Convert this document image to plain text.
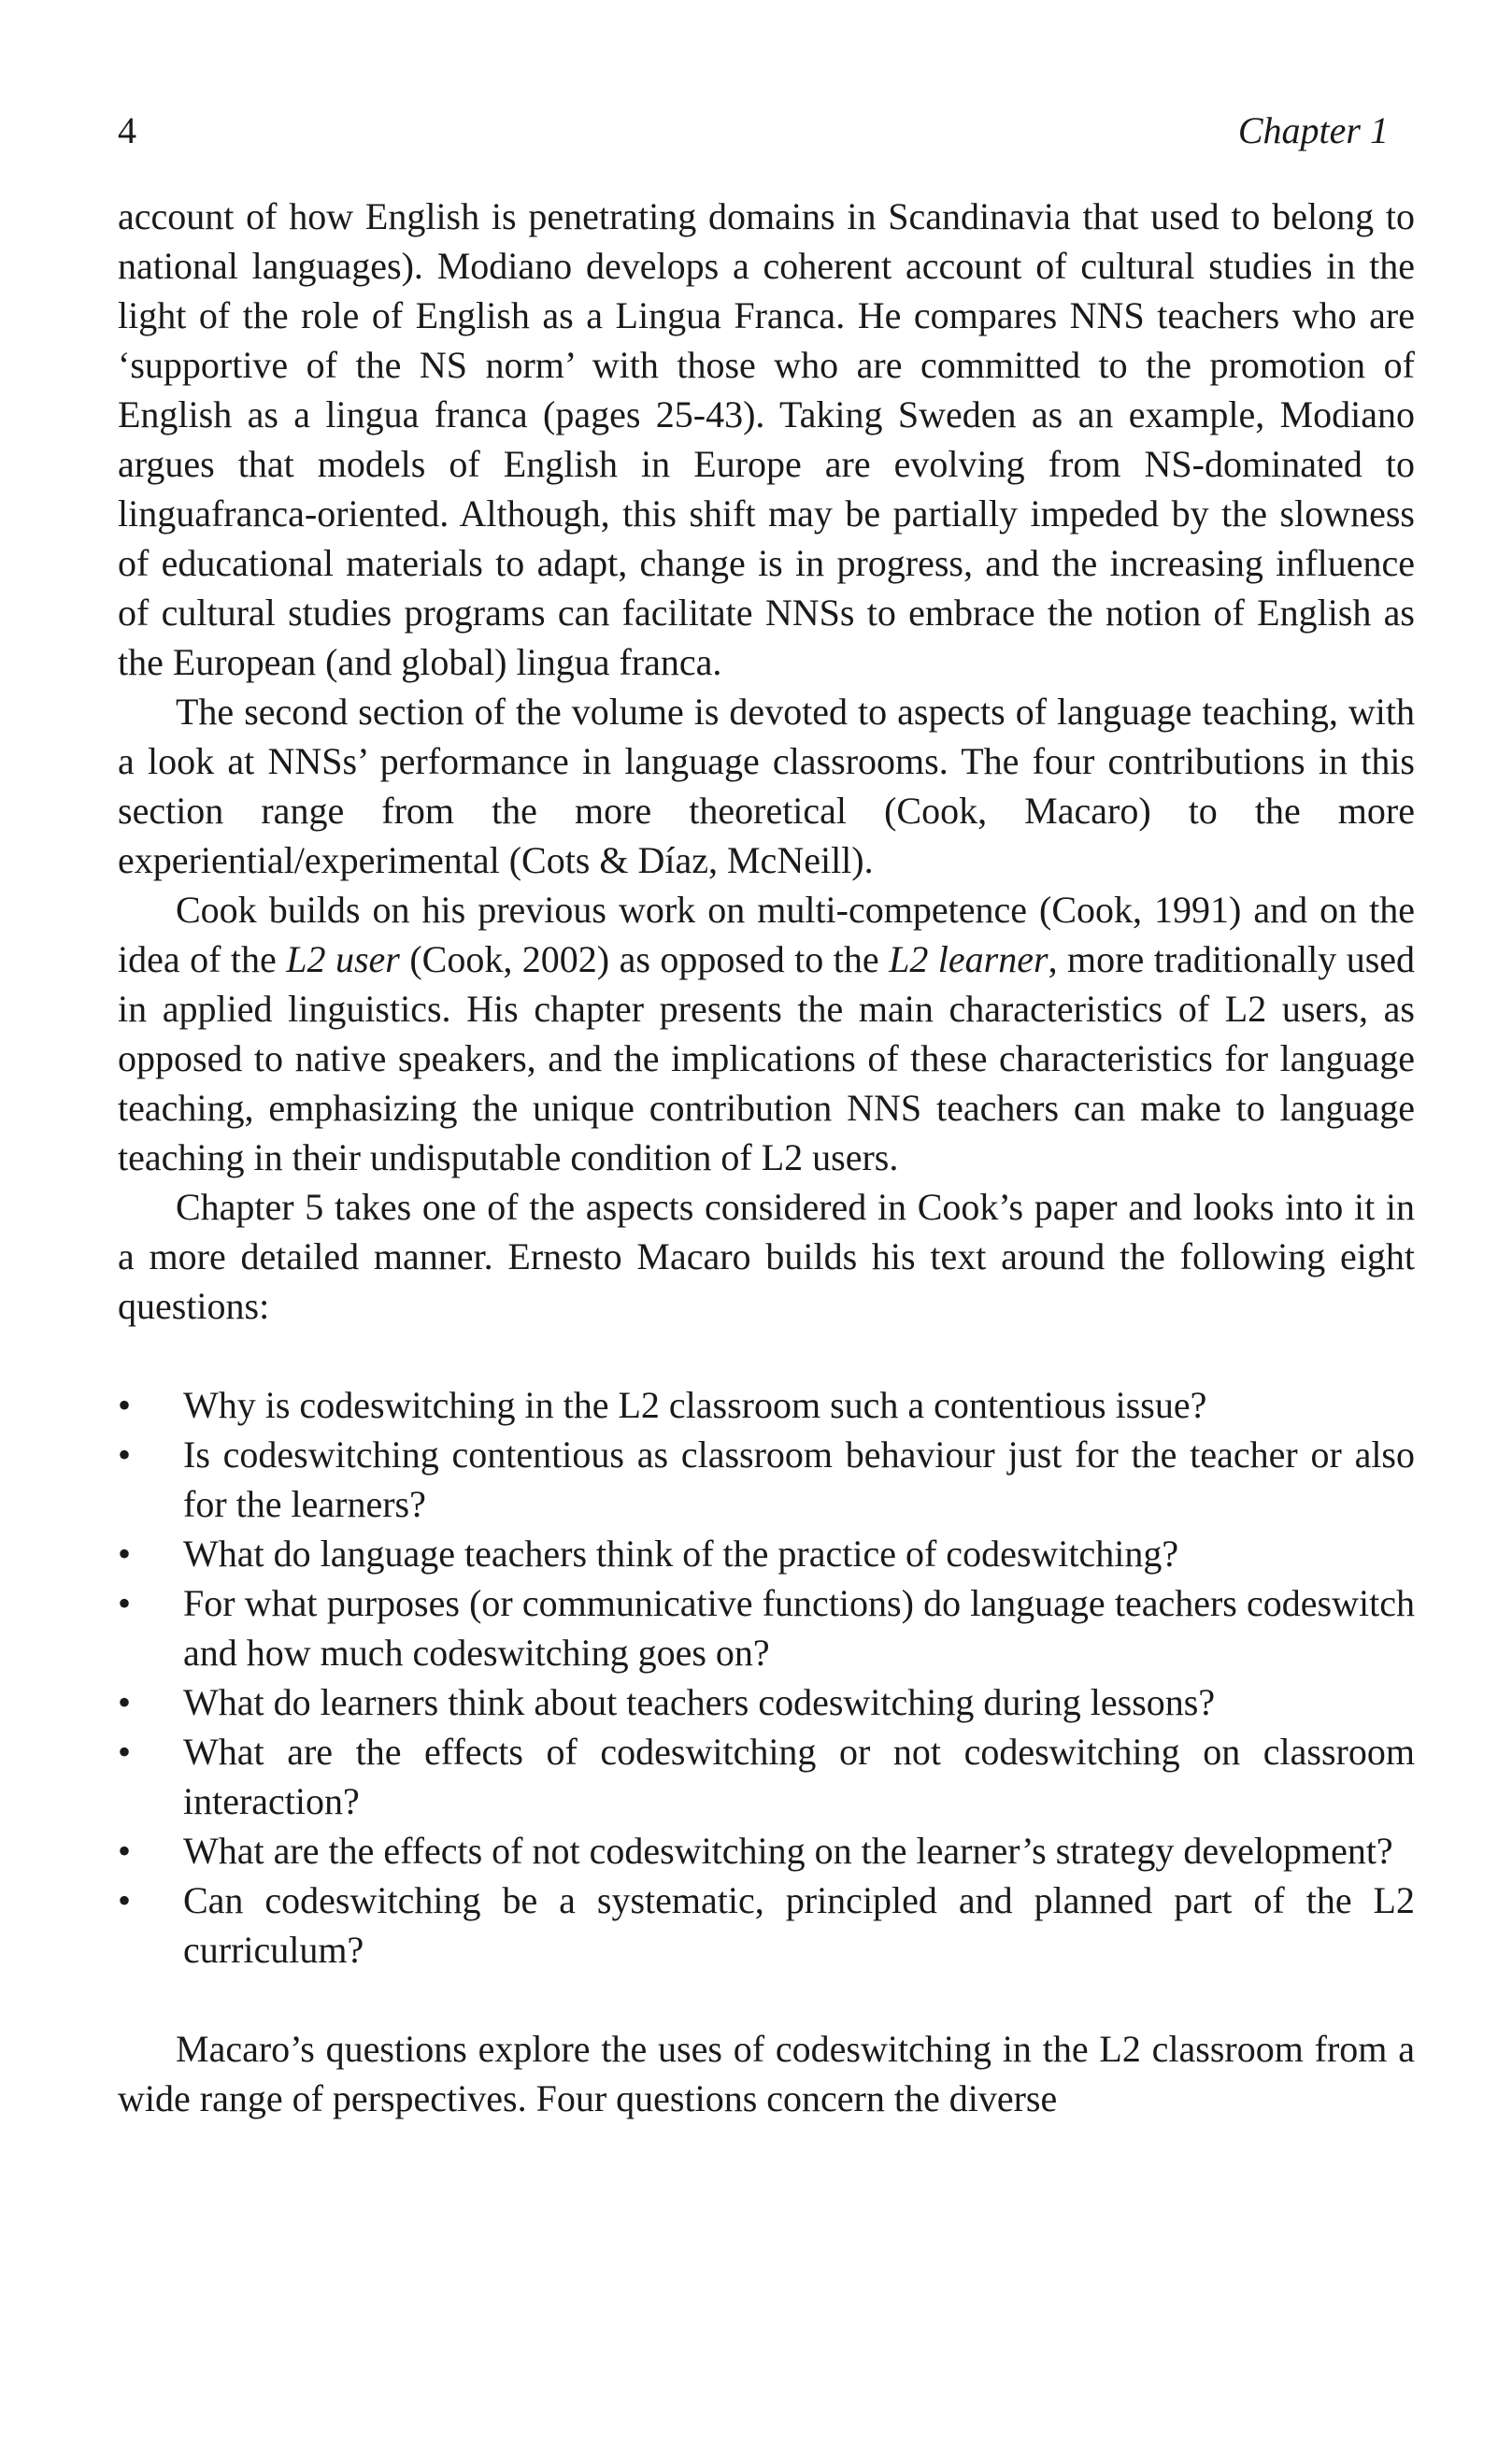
4	Chapter 1

account of how English is penetrating domains in Scandinavia that used to belong to national languages). Modiano develops a coherent account of cultural studies in the light of the role of English as a Lingua Franca. He compares NNS teachers who are ‘supportive of the NS norm’ with those who are committed to the promotion of English as a lingua franca (pages 25-43). Taking Sweden as an example, Modiano argues that models of English in Europe are evolving from NS-dominated to linguafranca-oriented. Although, this shift may be partially impeded by the slowness of educational materials to adapt, change is in progress, and the increasing influence of cultural studies programs can facilitate NNSs to embrace the notion of English as the European (and global) lingua franca.

The second section of the volume is devoted to aspects of language teaching, with a look at NNSs’ performance in language classrooms. The four contributions in this section range from the more theoretical (Cook, Macaro) to the more experiential/experimental (Cots & Díaz, McNeill).

Cook builds on his previous work on multi-competence (Cook, 1991) and on the idea of the L2 user (Cook, 2002) as opposed to the L2 learner, more traditionally used in applied linguistics. His chapter presents the main characteristics of L2 users, as opposed to native speakers, and the implications of these characteristics for language teaching, emphasizing the unique contribution NNS teachers can make to language teaching in their undisputable condition of L2 users.

Chapter 5 takes one of the aspects considered in Cook’s paper and looks into it in a more detailed manner. Ernesto Macaro builds his text around the following eight questions:

• Why is codeswitching in the L2 classroom such a contentious issue?
• Is codeswitching contentious as classroom behaviour just for the teacher or also for the learners?
• What do language teachers think of the practice of codeswitching?
• For what purposes (or communicative functions) do language teachers codeswitch and how much codeswitching goes on?
• What do learners think about teachers codeswitching during lessons?
• What are the effects of codeswitching or not codeswitching on classroom interaction?
• What are the effects of not codeswitching on the learner’s strategy development?
• Can codeswitching be a systematic, principled and planned part of the L2 curriculum?

Macaro’s questions explore the uses of codeswitching in the L2 classroom from a wide range of perspectives. Four questions concern the diverse
